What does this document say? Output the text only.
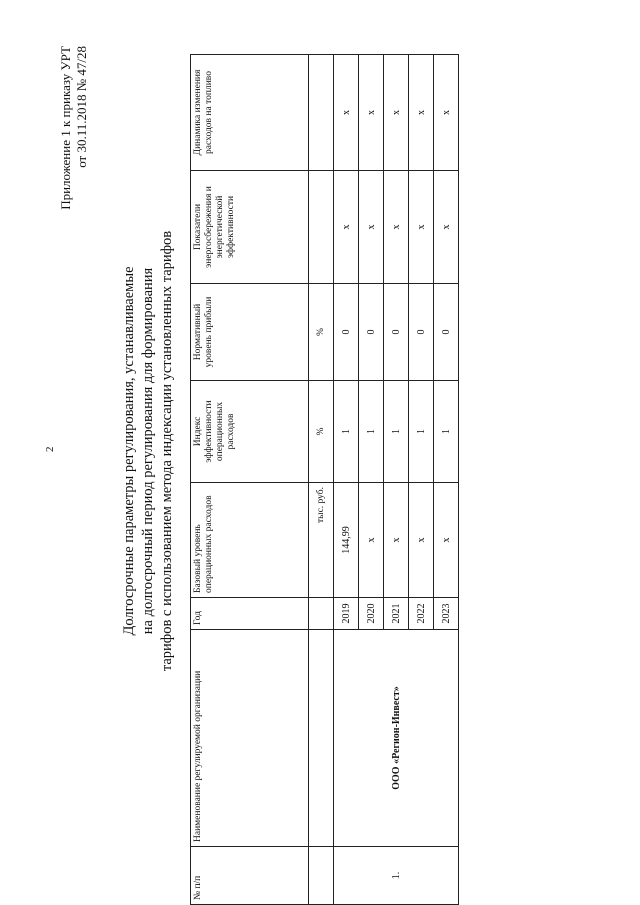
2
Приложение 1 к приказу УРТ от 30.11.2018 № 47/28
Долгосрочные параметры регулирования, устанавливаемые на долгосрочный период регулирования для формирования тарифов с использованием метода индексации установленных тарифов
№ п/п	Наименование регулируемой организации	Год	Базовый уровень операционных расходов	Индекс эффективности операционных расходов	Нормативный уровень прибыли	Показатели энергосбережения и энергетической эффективности	Динамика изменения расходов на топливо
			тыс. руб.	%	%		
1.	ООО «Регион-Инвест»	2019	144,99	1	0	х	х
		2020	х	1	0	х	х
		2021	х	1	0	х	х
		2022	х	1	0	х	х
		2023	х	1	0	х	х
